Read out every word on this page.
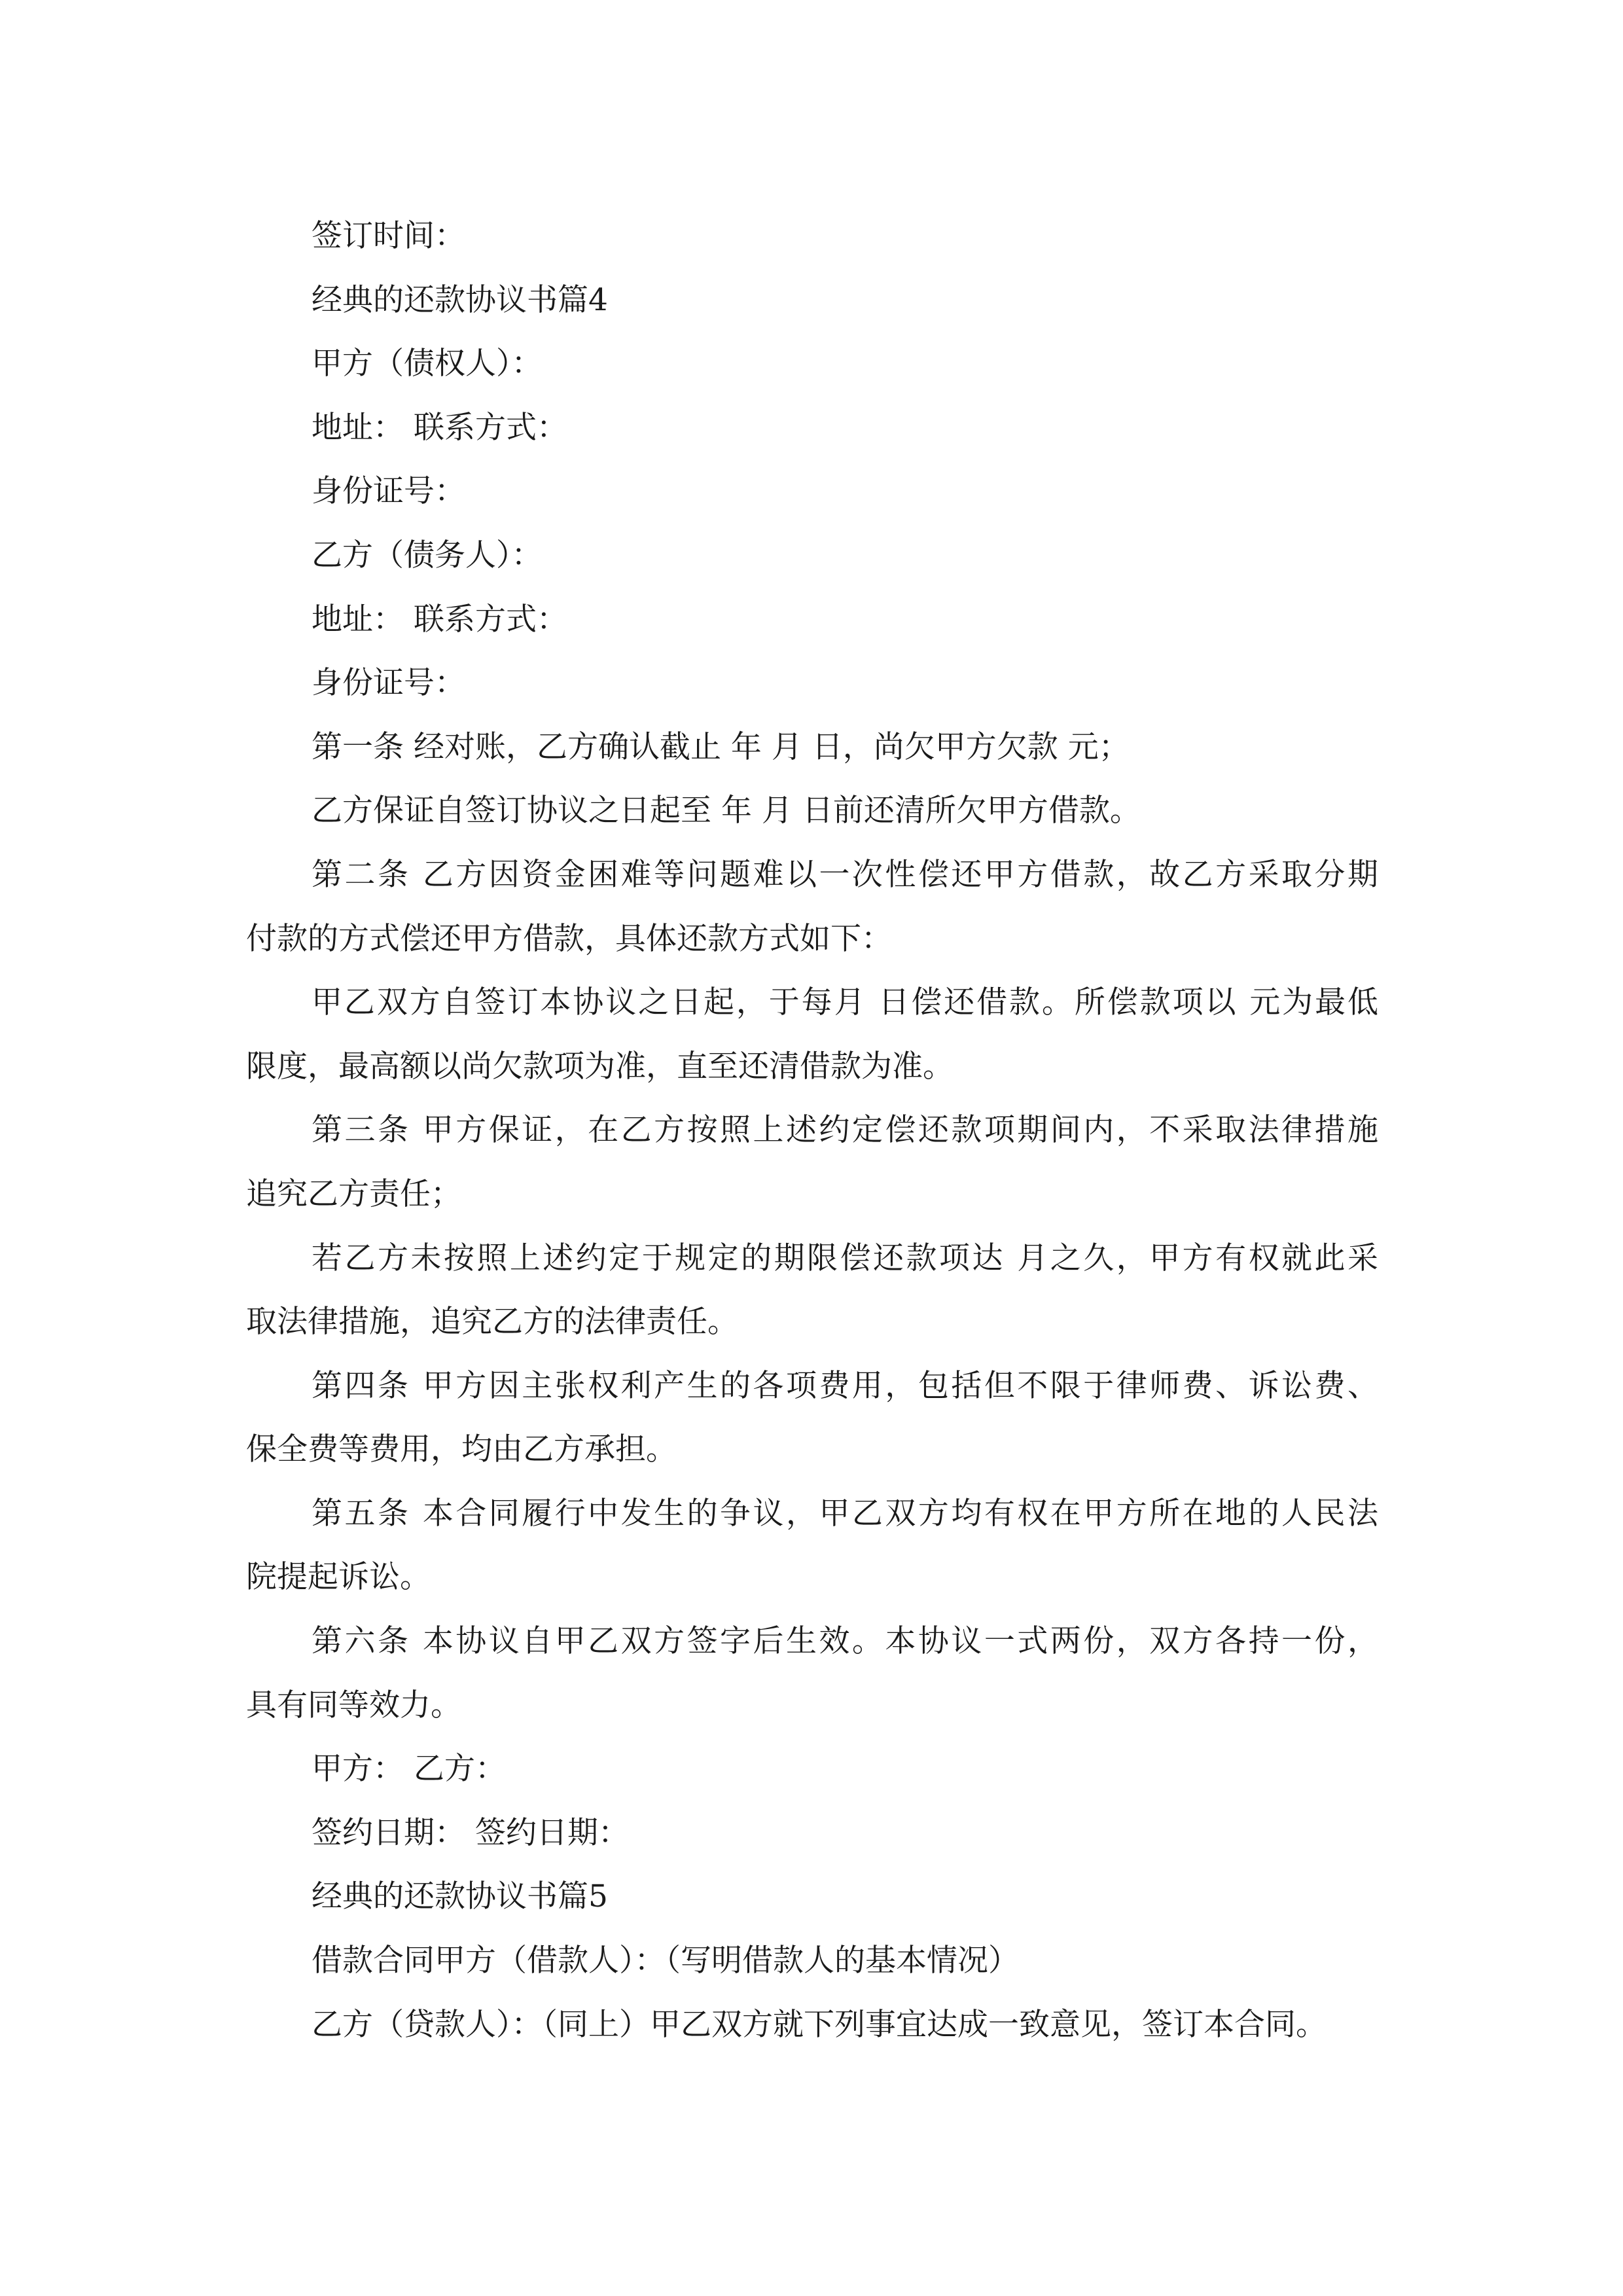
签订时间：
经典的还款协议书篇4
甲方（债权人）：
地址： 联系方式：
身份证号：
乙方（债务人）：
地址： 联系方式：
身份证号：
第一条 经对账，乙方确认截止 年 月 日，尚欠甲方欠款 元；
乙方保证自签订协议之日起至 年 月 日前还清所欠甲方借款。
第二条 乙方因资金困难等问题难以一次性偿还甲方借款，故乙方采取分期
付款的方式偿还甲方借款，具体还款方式如下：
甲乙双方自签订本协议之日起，于每月 日偿还借款。所偿款项以 元为最低
限度，最高额以尚欠款项为准，直至还清借款为准。
第三条 甲方保证，在乙方按照上述约定偿还款项期间内，不采取法律措施
追究乙方责任；
若乙方未按照上述约定于规定的期限偿还款项达 月之久，甲方有权就此采
取法律措施，追究乙方的法律责任。
第四条 甲方因主张权利产生的各项费用，包括但不限于律师费、诉讼费、
保全费等费用，均由乙方承担。
第五条 本合同履行中发生的争议，甲乙双方均有权在甲方所在地的人民法
院提起诉讼。
第六条 本协议自甲乙双方签字后生效。本协议一式两份，双方各持一份，
具有同等效力。
甲方： 乙方：
签约日期： 签约日期：
经典的还款协议书篇5
借款合同甲方（借款人）：（写明借款人的基本情况）
乙方（贷款人）：（同上）甲乙双方就下列事宜达成一致意见，签订本合同。
